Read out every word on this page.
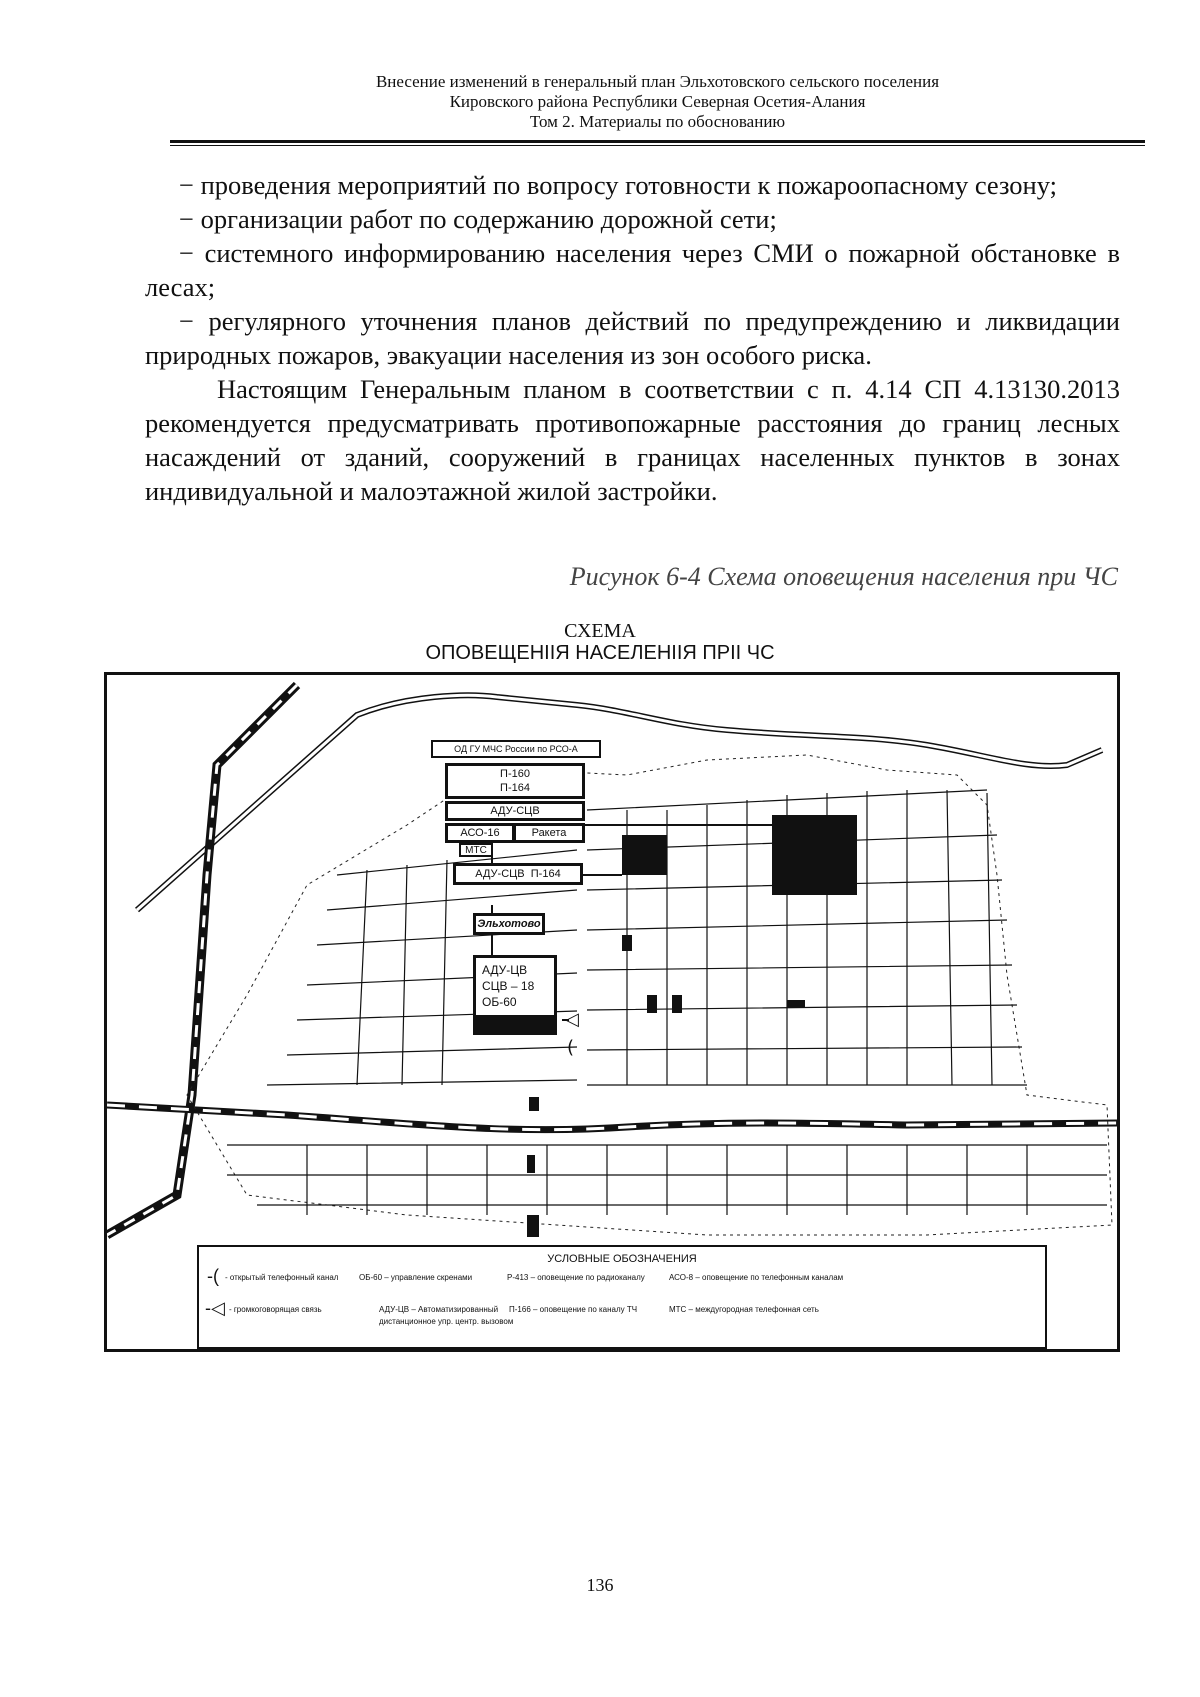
Внесение изменений в генеральный план Эльхотовского сельского поселения
Кировского района Республики Северная Осетия-Алания
Том 2. Материалы по обоснованию

− проведения мероприятий по вопросу готовности к пожароопасному сезону;

− организации работ по содержанию дорожной сети;

− системного информированию населения через СМИ о пожарной обстановке в лесах;

− регулярного уточнения планов действий по предупреждению и ликвидации природных пожаров, эвакуации населения из зон особого риска.

Настоящим Генеральным планом в соответствии с п. 4.14 СП 4.13130.2013 рекомендуется предусматривать противопожарные расстояния до границ лесных насаждений от зданий, сооружений в границах населенных пунктов в зонах индивидуальной и малоэтажной жилой застройки.

Рисунок 6-4 Схема оповещения населения при ЧС
СХЕМА
ОПОВЕЩЕНIIЯ НАСЕЛЕНIIЯ ПРII ЧС
◁
(
ОД ГУ МЧС России по РСО-А
П-160
П-164
АДУ-СЦВ
АСО-16	Ракета
МТС
АДУ-СЦВ
П-164
Эльхотово
АДУ-ЦВ
СЦВ – 18
ОБ-60
УСЛОВНЫЕ ОБОЗНАЧЕНИЯ
-( - открытый телефонный канал	ОБ-60 – управление скренами	Р-413 – оповещение по радиоканалу	АСО-8 – оповещение по телефонным каналам
-◁ - громкоговорящая связь	АДУ-ЦВ – Автоматизированный П-166 – оповещение по каналу ТЧ	МТС – междугородная телефонная сеть
дистанционное упр. центр. вызовом
136
